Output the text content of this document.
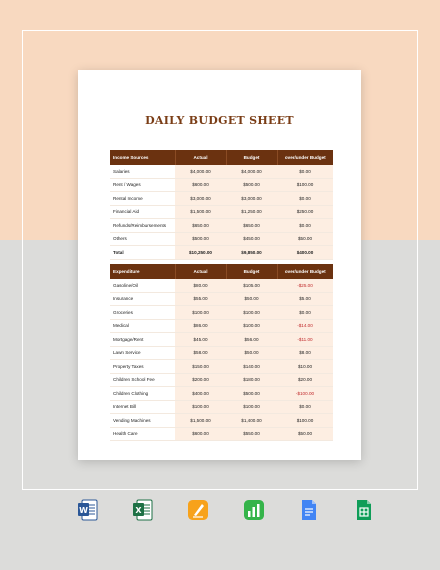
DAILY BUDGET SHEET
Income Sources	Actual	Budget	over/under Budget
Salaries	$4,000.00	$4,000.00	$0.00
Rent / Wages	$600.00	$500.00	$100.00
Rental Income	$3,000.00	$3,000.00	$0.00
Financial Aid	$1,500.00	$1,250.00	$250.00
Refunds/Reimbursements	$650.00	$650.00	$0.00
Others	$500.00	$450.00	$50.00
Total	$10,250.00	$9,850.00	$400.00
Expenditure	Actual	Budget	over/under Budget
Gasoline/Oil	$80.00	$105.00	-$25.00
Insurance	$55.00	$50.00	$5.00
Groceries	$100.00	$100.00	$0.00
Medical	$86.00	$100.00	-$14.00
Mortgage/Rent	$45.00	$56.00	-$11.00
Lawn Service	$58.00	$50.00	$8.00
Property Taxes	$150.00	$140.00	$10.00
Children School Fee	$200.00	$180.00	$20.00
Children Clothing	$400.00	$500.00	-$100.00
Internet Bill	$100.00	$100.00	$0.00
Vending Machines	$1,500.00	$1,400.00	$100.00
Health Care	$600.00	$550.00	$50.00
W	X
